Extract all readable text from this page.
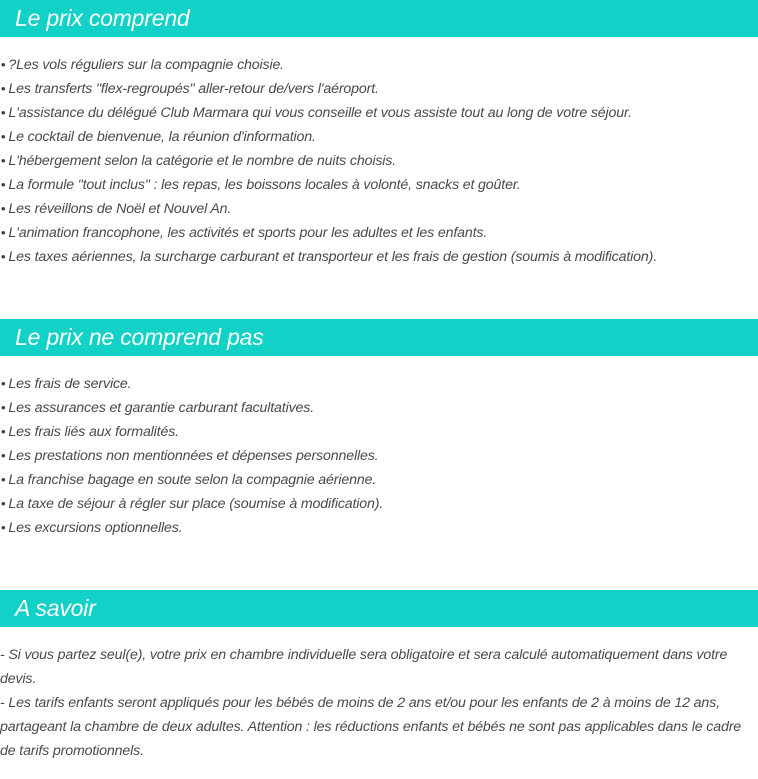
Le prix comprend
• ?Les vols réguliers sur la compagnie choisie.
• Les transferts "flex-regroupés" aller-retour de/vers l'aéroport.
• L'assistance du délégué Club Marmara qui vous conseille et vous assiste tout au long de votre séjour.
• Le cocktail de bienvenue, la réunion d'information.
• L'hébergement selon la catégorie et le nombre de nuits choisis.
• La formule "tout inclus" : les repas, les boissons locales à volonté, snacks et goûter.
• Les réveillons de Noël et Nouvel An.
• L'animation francophone, les activités et sports pour les adultes et les enfants.
• Les taxes aériennes, la surcharge carburant et transporteur et les frais de gestion (soumis à modification).
Le prix ne comprend pas
• Les frais de service.
• Les assurances et garantie carburant facultatives.
• Les frais liés aux formalités.
• Les prestations non mentionnées et dépenses personnelles.
• La franchise bagage en soute selon la compagnie aérienne.
• La taxe de séjour à régler sur place (soumise à modification).
• Les excursions optionnelles.
A savoir

- Si vous partez seul(e), votre prix en chambre individuelle sera obligatoire et sera calculé automatiquement dans votre devis.

- Les tarifs enfants seront appliqués pour les bébés de moins de 2 ans et/ou pour les enfants de 2 à moins de 12 ans, partageant la chambre de deux adultes. Attention : les réductions enfants et bébés ne sont pas applicables dans le cadre de tarifs promotionnels.
